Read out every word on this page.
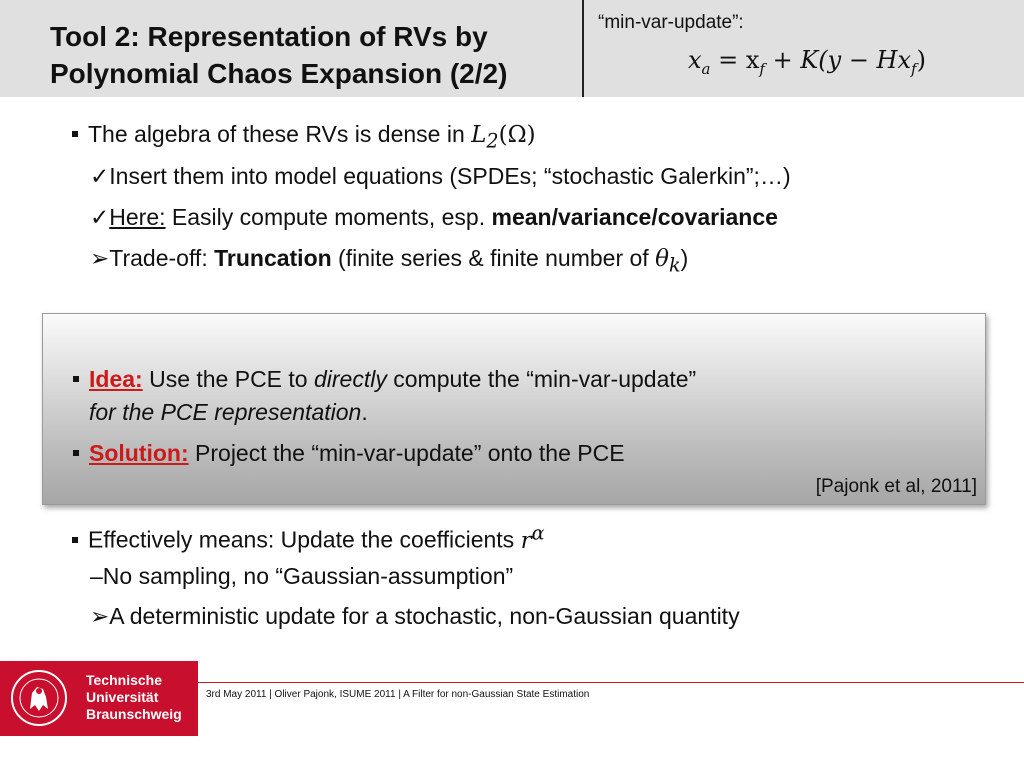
Tool 2: Representation of RVs by
Polynomial Chaos Expansion (2/2)
“min-var-update”:
$x_a = x_f + K(y - Hx_f)$
The algebra of these RVs is dense in $L_2(\Omega)$
✓Insert them into model equations (SPDEs; “stochastic Galerkin”;…)
✓Here: Easily compute moments, esp. mean/variance/covariance
➢Trade-off: Truncation (finite series & finite number of $\theta_k$)
Idea: Use the PCE to directly compute the “min-var-update”
for the PCE representation.
Solution: Project the “min-var-update” onto the PCE
[Pajonk et al, 2011]
Effectively means: Update the coefficients $r^\alpha$
–No sampling, no “Gaussian-assumption”
➢A deterministic update for a stochastic, non-Gaussian quantity
Technische
Universität
Braunschweig
3rd May 2011 | Oliver Pajonk, ISUME 2011 | A Filter for non-Gaussian State Estimation
